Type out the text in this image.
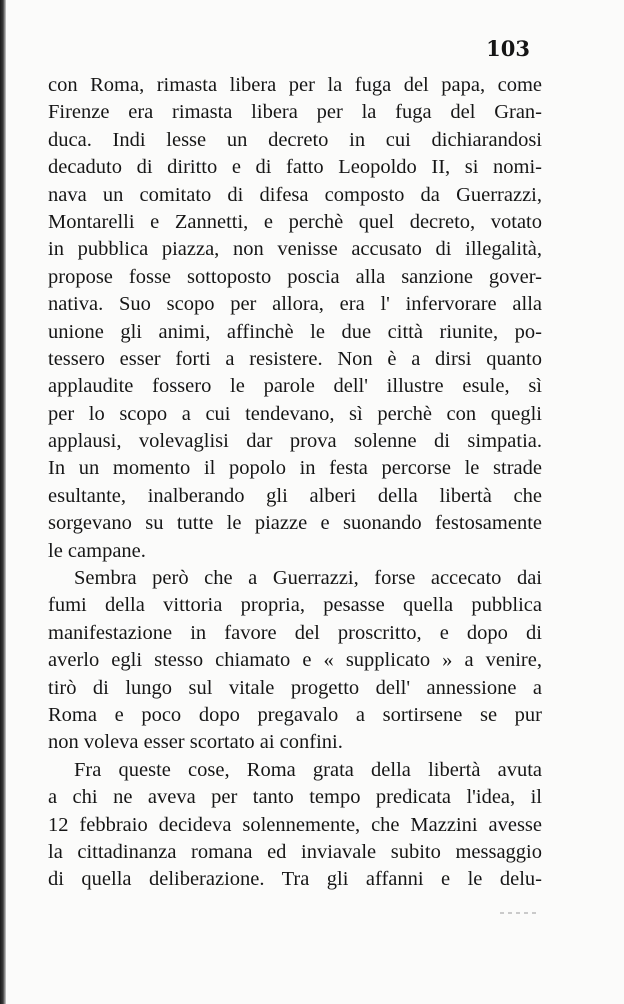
103

con Roma, rimasta libera per la fuga del papa, come
Firenze era rimasta libera per la fuga del Gran-
duca. Indi lesse un decreto in cui dichiarandosi
decaduto di diritto e di fatto Leopoldo II, si nomi-
nava un comitato di difesa composto da Guerrazzi,
Montarelli e Zannetti, e perchè quel decreto, votato
in pubblica piazza, non venisse accusato di illegalità,
propose fosse sottoposto poscia alla sanzione gover-
nativa. Suo scopo per allora, era l' infervorare alla
unione gli animi, affinchè le due città riunite, po-
tessero esser forti a resistere. Non è a dirsi quanto
applaudite fossero le parole dell' illustre esule, sì
per lo scopo a cui tendevano, sì perchè con quegli
applausi, volevaglisi dar prova solenne di simpatia.
In un momento il popolo in festa percorse le strade
esultante, inalberando gli alberi della libertà che
sorgevano su tutte le piazze e suonando festosamente
le campane.

Sembra però che a Guerrazzi, forse accecato dai
fumi della vittoria propria, pesasse quella pubblica
manifestazione in favore del proscritto, e dopo di
averlo egli stesso chiamato e « supplicato » a venire,
tirò di lungo sul vitale progetto dell' annessione a
Roma e poco dopo pregavalo a sortirsene se pur
non voleva esser scortato ai confini.

Fra queste cose, Roma grata della libertà avuta
a chi ne aveva per tanto tempo predicata l'idea, il
12 febbraio decideva solennemente, che Mazzini avesse
la cittadinanza romana ed inviavale subito messaggio
di quella deliberazione. Tra gli affanni e le delu-
